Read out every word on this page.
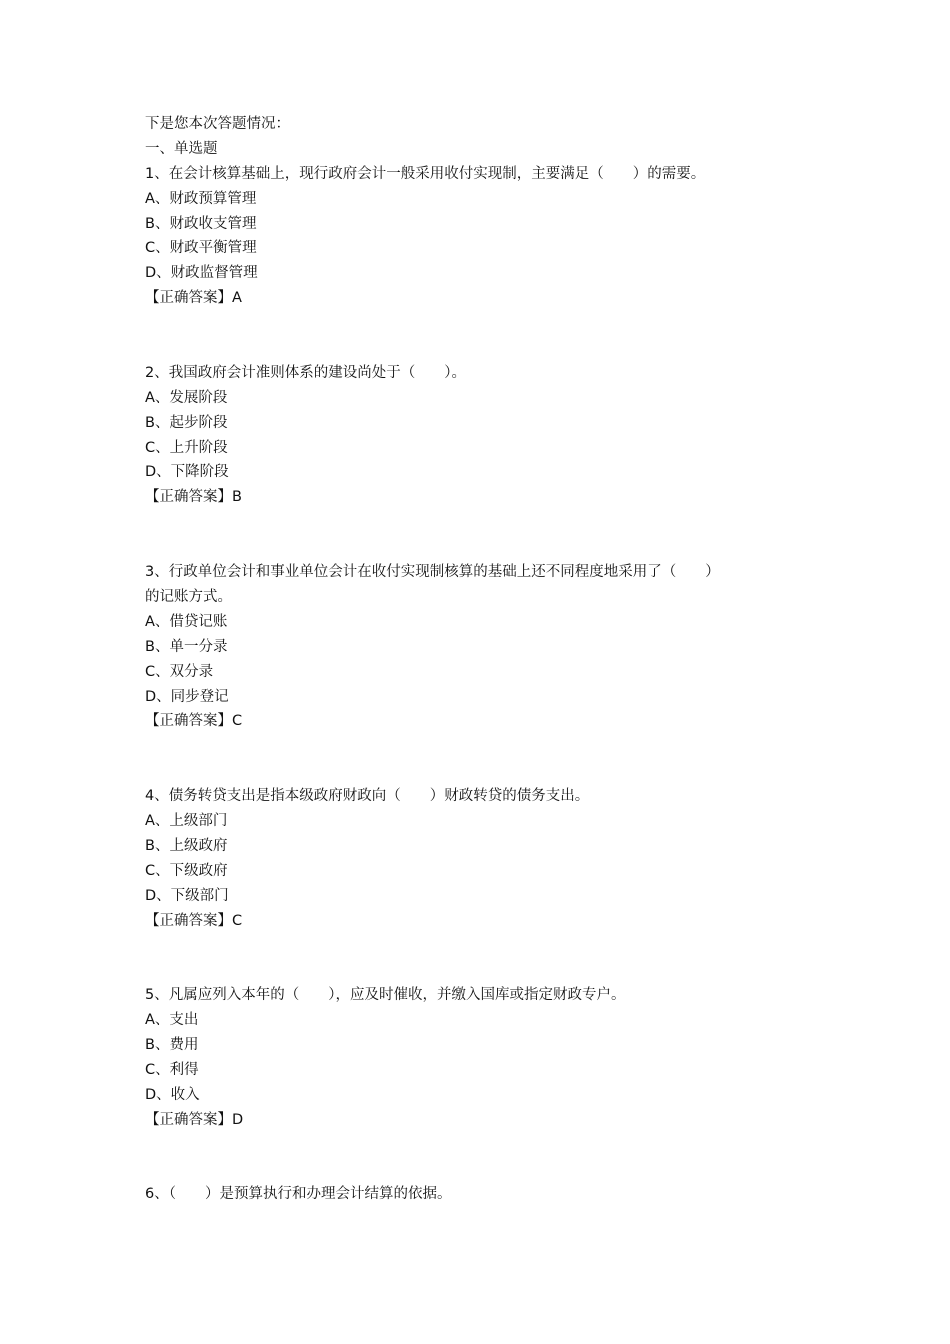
下是您本次答题情况：
一、单选题
1、在会计核算基础上，现行政府会计一般采用收付实现制，主要满足（　　）的需要。
A、财政预算管理
B、财政收支管理
C、财政平衡管理
D、财政监督管理
【正确答案】A
2、我国政府会计准则体系的建设尚处于（　　）。
A、发展阶段
B、起步阶段
C、上升阶段
D、下降阶段
【正确答案】B
3、行政单位会计和事业单位会计在收付实现制核算的基础上还不同程度地采用了（　　）
的记账方式。
A、借贷记账
B、单一分录
C、双分录
D、同步登记
【正确答案】C
4、债务转贷支出是指本级政府财政向（　　）财政转贷的债务支出。
A、上级部门
B、上级政府
C、下级政府
D、下级部门
【正确答案】C
5、凡属应列入本年的（　　），应及时催收，并缴入国库或指定财政专户。
A、支出
B、费用
C、利得
D、收入
【正确答案】D
6、（　　）是预算执行和办理会计结算的依据。
